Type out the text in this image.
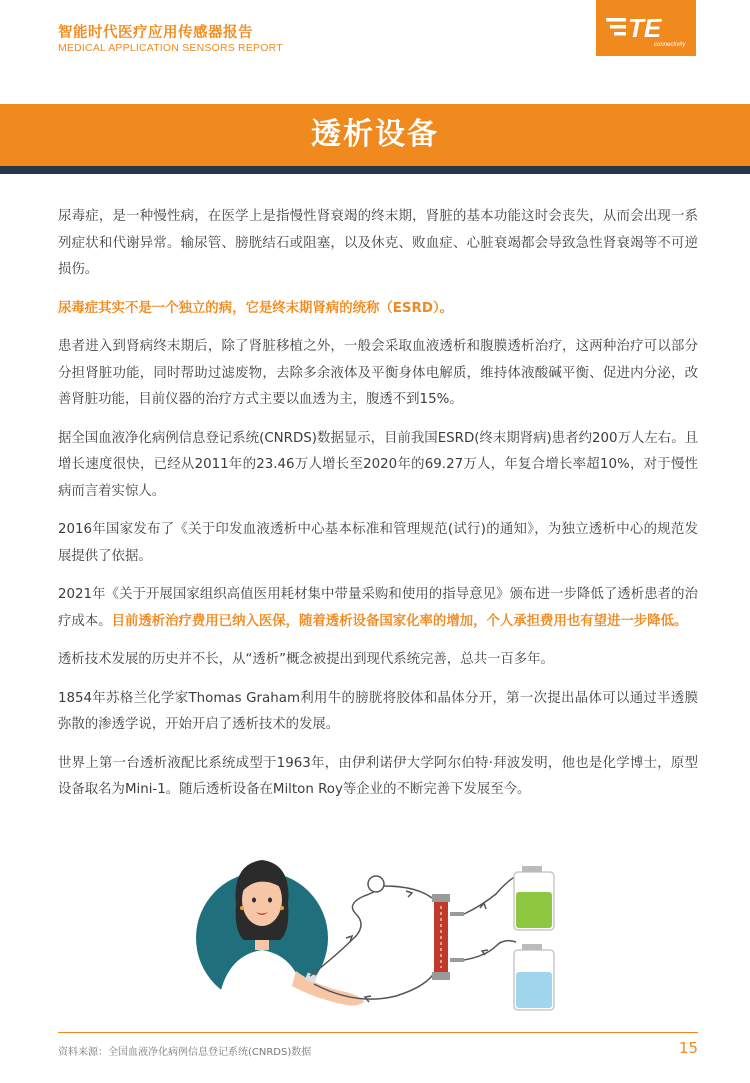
智能时代医疗应用传感器报告
MEDICAL APPLICATION SENSORS REPORT
TE
connectivity
透析设备

尿毒症，是一种慢性病，在医学上是指慢性肾衰竭的终末期，肾脏的基本功能这时会丧失，从而会出现一系列症状和代谢异常。输尿管、膀胱结石或阻塞，以及休克、败血症、心脏衰竭都会导致急性肾衰竭等不可逆损伤。

尿毒症其实不是一个独立的病，它是终末期肾病的统称（ESRD）。

患者进入到肾病终末期后，除了肾脏移植之外，一般会采取血液透析和腹膜透析治疗，这两种治疗可以部分分担肾脏功能，同时帮助过滤废物，去除多余液体及平衡身体电解质，维持体液酸碱平衡、促进内分泌，改善肾脏功能，目前仪器的治疗方式主要以血透为主，腹透不到15%。

据全国血液净化病例信息登记系统(CNRDS)数据显示，目前我国ESRD(终末期肾病)患者约200万人左右。且增长速度很快，已经从2011年的23.46万人增长至2020年的69.27万人，年复合增长率超10%，对于慢性病而言着实惊人。

2016年国家发布了《关于印发血液透析中心基本标准和管理规范(试行)的通知》，为独立透析中心的规范发展提供了依据。

2021年《关于开展国家组织高值医用耗材集中带量采购和使用的指导意见》颁布进一步降低了透析患者的治疗成本。目前透析治疗费用已纳入医保，随着透析设备国家化率的增加，个人承担费用也有望进一步降低。

透析技术发展的历史并不长，从“透析”概念被提出到现代系统完善，总共一百多年。

1854年苏格兰化学家Thomas Graham利用牛的膀胱将胶体和晶体分开，第一次提出晶体可以通过半透膜弥散的渗透学说，开始开启了透析技术的发展。

世界上第一台透析液配比系统成型于1963年，由伊利诺伊大学阿尔伯特·拜波发明，他也是化学博士，原型设备取名为Mini-1。随后透析设备在Milton Roy等企业的不断完善下发展至今。

资料来源：全国血液净化病例信息登记系统(CNRDS)数据	15
